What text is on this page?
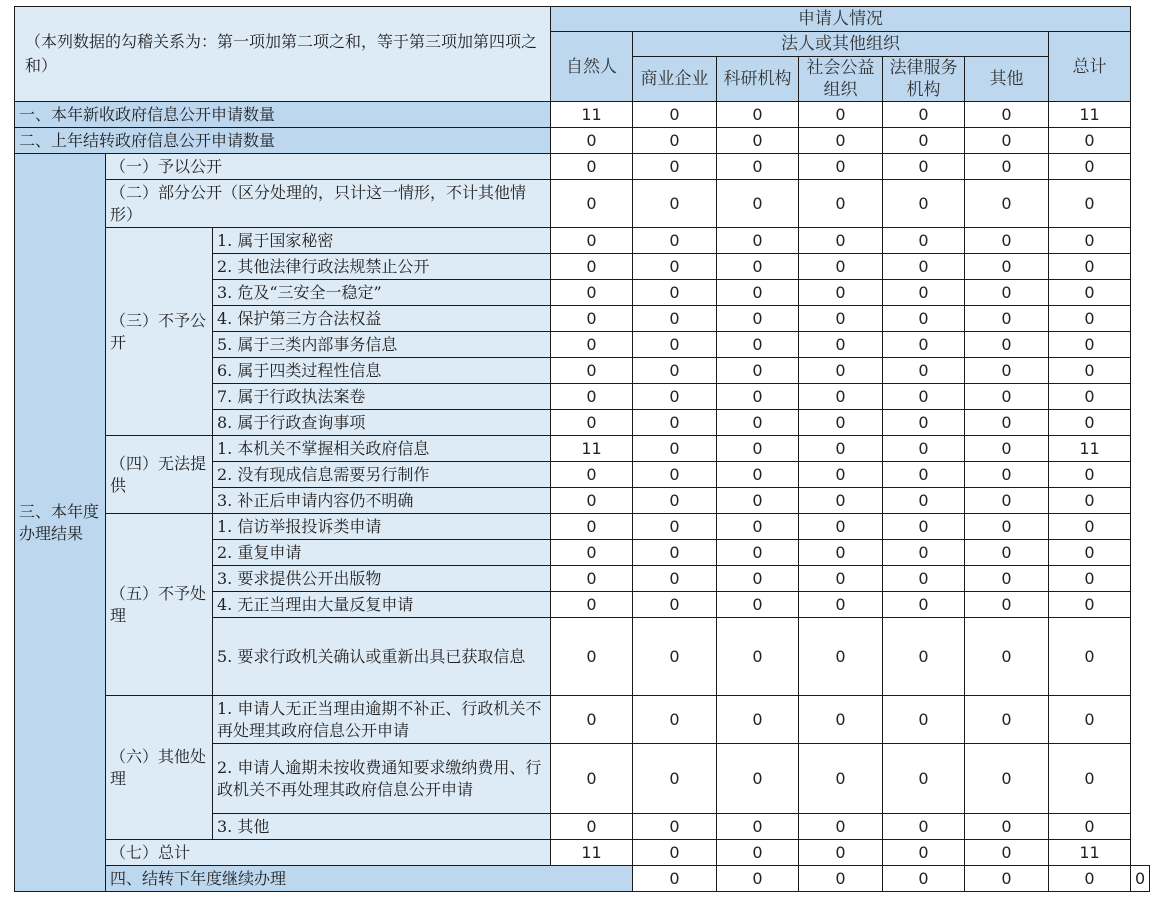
（本列数据的勾稽关系为：第一项加第二项之和，等于第三项加第四项之和）			申请人情况							
			自然人	法人或其他组织					总计	
				商业企业	科研机构	社会公益组织	法律服务机构	其他		

一、本年新收政府信息公开申请数量			11	0	0	0	0	0	11	
二、上年结转政府信息公开申请数量			0	0	0	0	0	0	0	
三、本年度办理结果	（一）予以公开		0	0	0	0	0	0	0	
	（二）部分公开（区分处理的，只计这一情形，不计其他情形）		0	0	0	0	0	0	0	
	（三）不予公开	1. 属于国家秘密	0	0	0	0	0	0	0	
		2. 其他法律行政法规禁止公开	0	0	0	0	0	0	0	
		3. 危及“三安全一稳定”	0	0	0	0	0	0	0	
		4. 保护第三方合法权益	0	0	0	0	0	0	0	
		5. 属于三类内部事务信息	0	0	0	0	0	0	0	
		6. 属于四类过程性信息	0	0	0	0	0	0	0	
		7. 属于行政执法案卷	0	0	0	0	0	0	0	
		8. 属于行政查询事项	0	0	0	0	0	0	0	
	（四）无法提供	1. 本机关不掌握相关政府信息	11	0	0	0	0	0	11	
		2. 没有现成信息需要另行制作	0	0	0	0	0	0	0	
		3. 补正后申请内容仍不明确	0	0	0	0	0	0	0	
	（五）不予处理	1. 信访举报投诉类申请	0	0	0	0	0	0	0	
		2. 重复申请	0	0	0	0	0	0	0	
		3. 要求提供公开出版物	0	0	0	0	0	0	0	
		4. 无正当理由大量反复申请	0	0	0	0	0	0	0	
		5. 要求行政机关确认或重新出具已获取信息	0	0	0	0	0	0	0	
	（六）其他处理	1. 申请人无正当理由逾期不补正、行政机关不再处理其政府信息公开申请	0	0	0	0	0	0	0	
		2. 申请人逾期未按收费通知要求缴纳费用、行政机关不再处理其政府信息公开申请	0	0	0	0	0	0	0	
		3. 其他	0	0	0	0	0	0	0	
	（七）总计		11	0	0	0	0	0	11	
	四、结转下年度继续办理			0	0	0	0	0	0	0
